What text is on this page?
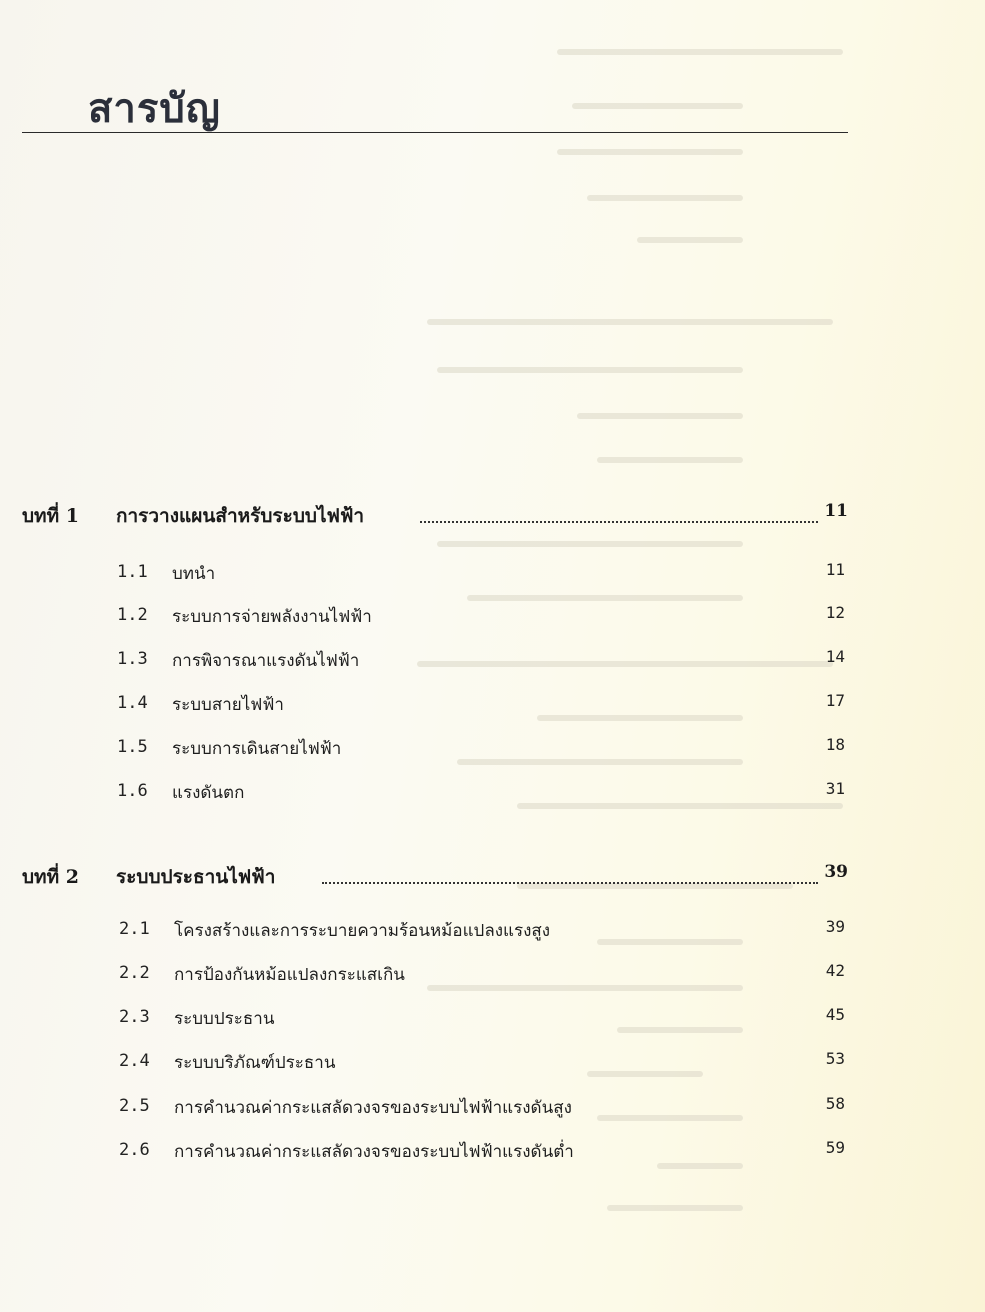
สารบัญ
บทที่ 1 การวางแผนสำหรับระบบไฟฟ้า	11
1.1 บทนำ	11
1.2 ระบบการจ่ายพลังงานไฟฟ้า	12
1.3 การพิจารณาแรงดันไฟฟ้า	14
1.4 ระบบสายไฟฟ้า	17
1.5 ระบบการเดินสายไฟฟ้า	18
1.6 แรงดันตก	31
บทที่ 2 ระบบประธานไฟฟ้า	39
2.1 โครงสร้างและการระบายความร้อนหม้อแปลงแรงสูง	39
2.2 การป้องกันหม้อแปลงกระแสเกิน	42
2.3 ระบบประธาน	45
2.4 ระบบบริภัณฑ์ประธาน	53
2.5 การคำนวณค่ากระแสลัดวงจรของระบบไฟฟ้าแรงดันสูง	58
2.6 การคำนวณค่ากระแสลัดวงจรของระบบไฟฟ้าแรงดันต่ำ	59
